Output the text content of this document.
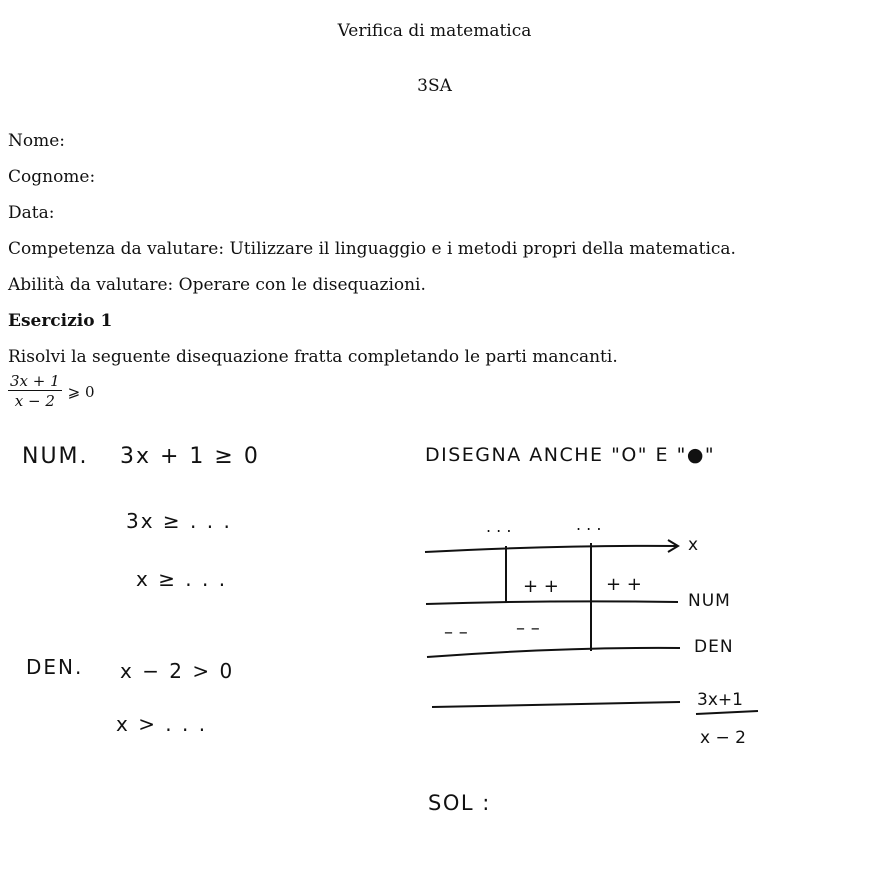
Verifica di matematica
3SA
Nome:
Cognome:
Data:
Competenza da valutare: Utilizzare il linguaggio e i metodi propri della matematica.
Abilità da valutare: Operare con le disequazioni.
Esercizio 1
Risolvi la seguente disequazione fratta completando le parti mancanti.
$\frac{3x + 1}{x - 2}$ ⩾ 0
NUM. 3x + 1 ≥ 0
3x ≥ . . .
x ≥ . . .
DEN. x − 2 > 0
x > . . .
DISEGNA ANCHE "O" E "●"
. . .	. . .
x
+ +	+ +
NUM
– –	– –
DEN
3x+1
x − 2
SOL :
